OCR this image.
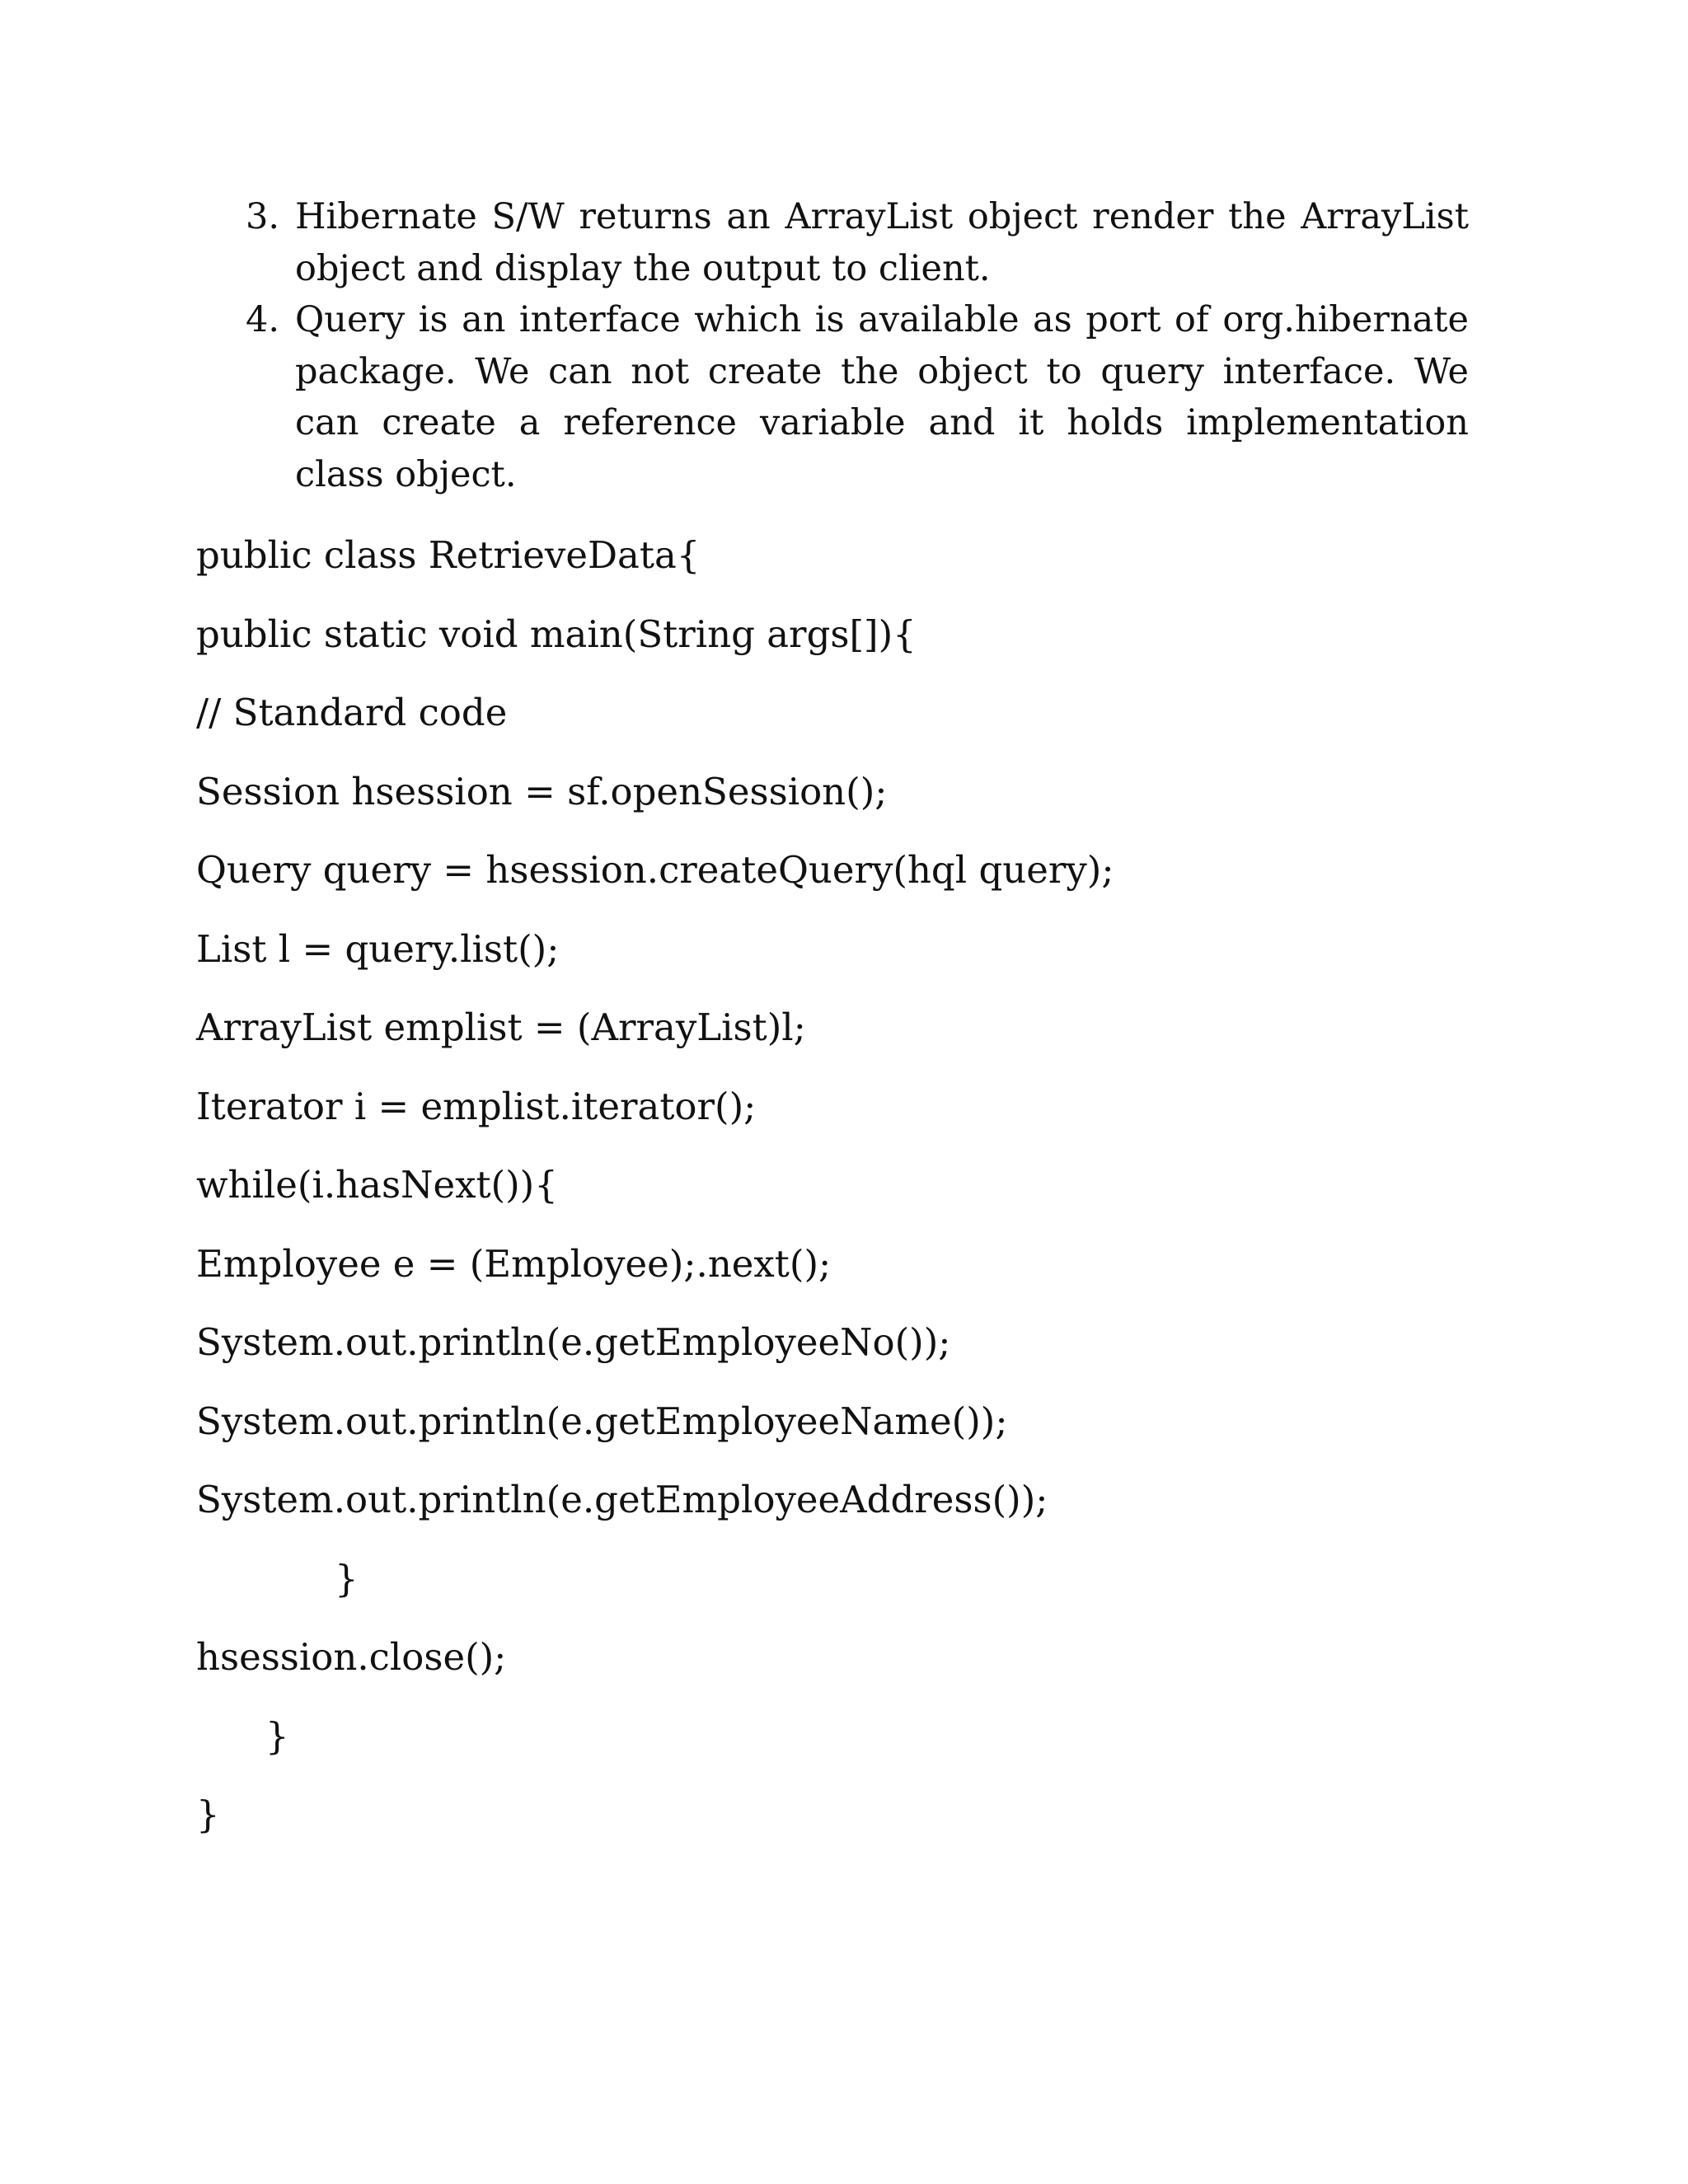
3. Hibernate S/W returns an ArrayList object render the ArrayList object and display the output to client.
4. Query is an interface which is available as port of org.hibernate package. We can not create the object to query interface. We can create a reference variable and it holds implementation class object.
public class RetrieveData{
public static void main(String args[]){
// Standard code
Session hsession = sf.openSession();
Query query = hsession.createQuery(hql query);
List l = query.list();
ArrayList emplist = (ArrayList)l;
Iterator i = emplist.iterator();
while(i.hasNext()){
Employee e = (Employee);.next();
System.out.println(e.getEmployeeNo());
System.out.println(e.getEmployeeName());
System.out.println(e.getEmployeeAddress());
}
hsession.close();
}
}
